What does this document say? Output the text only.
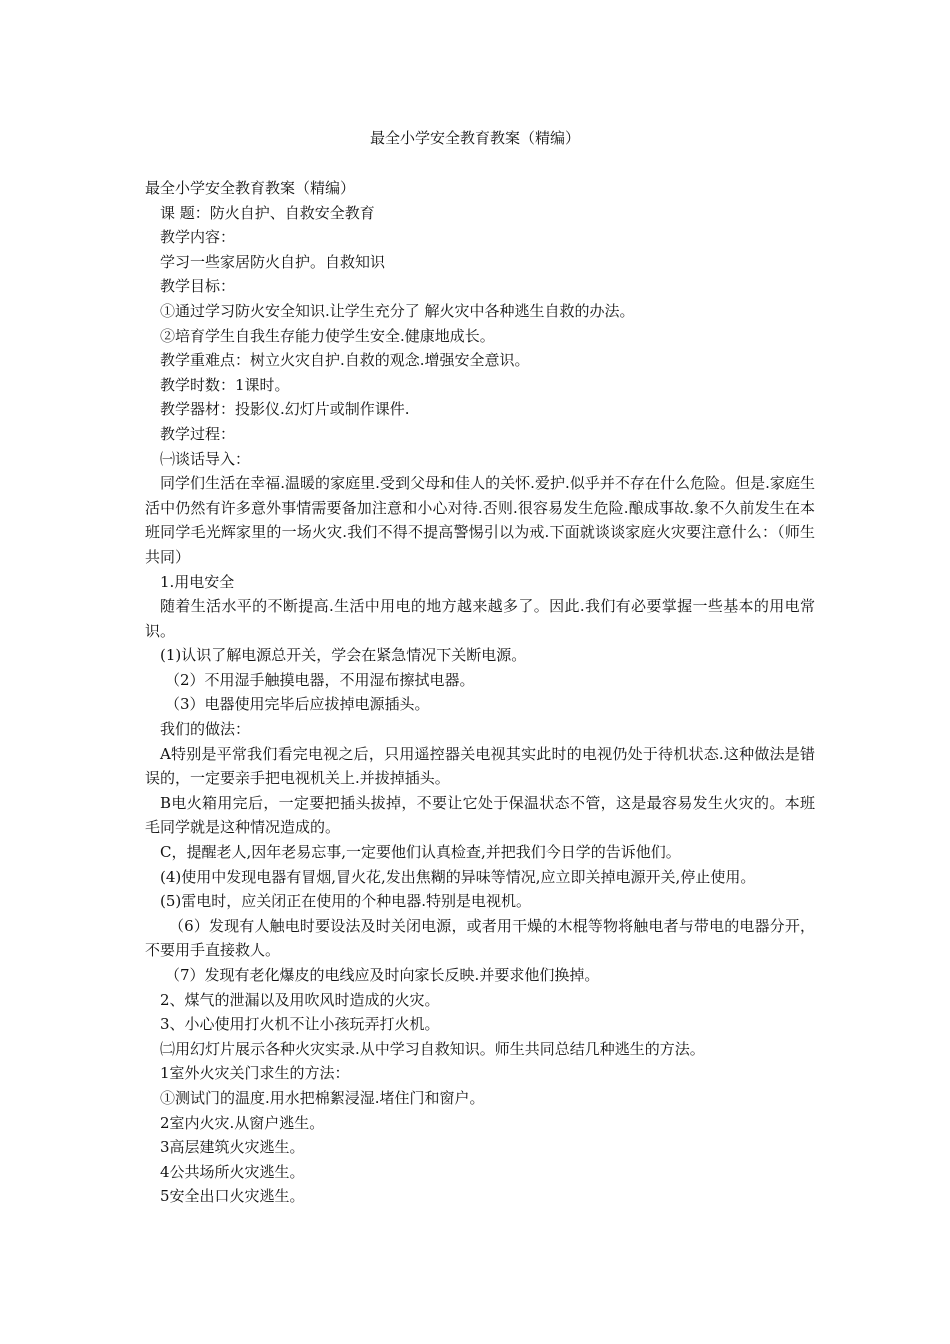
最全小学安全教育教案（精编）
最全小学安全教育教案（精编）
课 题：防火自护、自救安全教育
教学内容：
学习一些家居防火自护。自救知识
教学目标：
①通过学习防火安全知识.让学生充分了 解火灾中各种逃生自救的办法。
②培育学生自我生存能力使学生安全.健康地成长。
教学重难点：树立火灾自护.自救的观念.增强安全意识。
教学时数：1课时。
教学器材：投影仪.幻灯片或制作课件.
教学过程：
㈠谈话导入：
同学们生活在幸福.温暖的家庭里.受到父母和佳人的关怀.爱护.似乎并不存在什么危险。但是.家庭生活中仍然有许多意外事情需要备加注意和小心对待.否则.很容易发生危险.酿成事故.象不久前发生在本班同学毛光辉家里的一场火灾.我们不得不提高警惕引以为戒.下面就谈谈家庭火灾要注意什么：（师生共同）
1.用电安全
随着生活水平的不断提高.生活中用电的地方越来越多了。因此.我们有必要掌握一些基本的用电常识。
(1)认识了解电源总开关，学会在紧急情况下关断电源。
（2）不用湿手触摸电器，不用湿布擦拭电器。
（3）电器使用完毕后应拔掉电源插头。
我们的做法：
A特别是平常我们看完电视之后，只用遥控器关电视其实此时的电视仍处于待机状态.这种做法是错误的，一定要亲手把电视机关上.并拔掉插头。
B电火箱用完后，一定要把插头拔掉，不要让它处于保温状态不管，这是最容易发生火灾的。本班毛同学就是这种情况造成的。
C，提醒老人,因年老易忘事,一定要他们认真检查,并把我们今日学的告诉他们。
(4)使用中发现电器有冒烟,冒火花,发出焦糊的异味等情况,应立即关掉电源开关,停止使用。
(5)雷电时，应关闭正在使用的个种电器.特别是电视机。
（6）发现有人触电时要设法及时关闭电源，或者用干燥的木棍等物将触电者与带电的电器分开，不要用手直接救人。
（7）发现有老化爆皮的电线应及时向家长反映.并要求他们换掉。
2、煤气的泄漏以及用吹风时造成的火灾。
3、小心使用打火机不让小孩玩弄打火机。
㈡用幻灯片展示各种火灾实录.从中学习自救知识。师生共同总结几种逃生的方法。
1室外火灾关门求生的方法：
①测试门的温度.用水把棉絮浸湿.堵住门和窗户。
2室内火灾.从窗户逃生。
3高层建筑火灾逃生。
4公共场所火灾逃生。
5安全出口火灾逃生。
